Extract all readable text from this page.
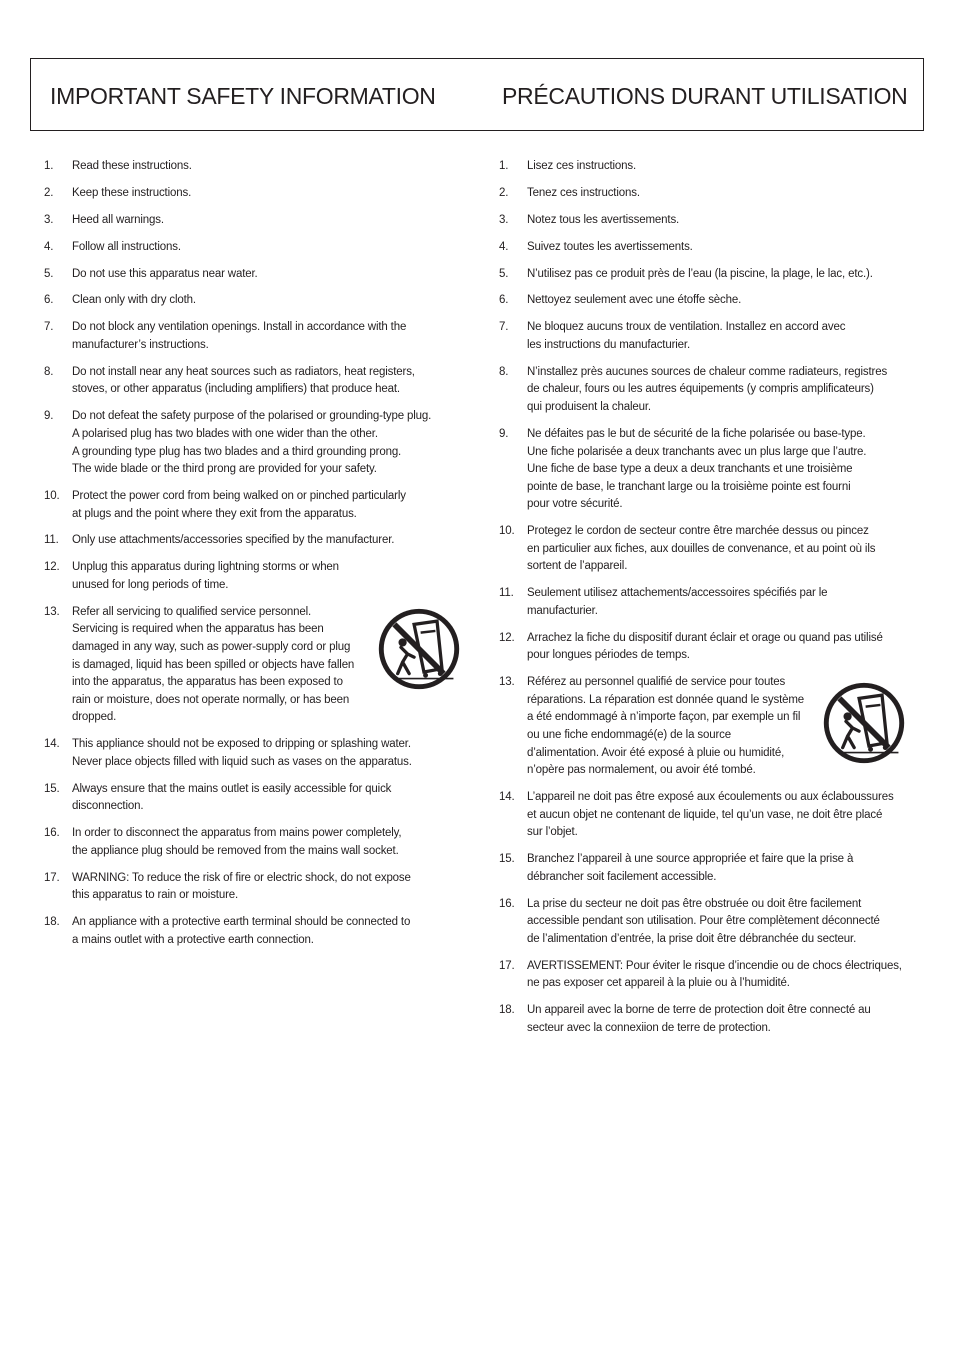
IMPORTANT SAFETY INFORMATION	PRÉCAUTIONS DURANT UTILISATION
1.	Read these instructions.
2.	Keep these instructions.
3.	Heed all warnings.
4.	Follow all instructions.
5.	Do not use this apparatus near water.
6.	Clean only with dry cloth.
7.	Do not block any ventilation openings. Install in accordance with the
manufacturer’s instructions.
8.	Do not install near any heat sources such as radiators, heat registers,
stoves, or other apparatus (including amplifiers) that produce heat.
9.	Do not defeat the safety purpose of the polarised or grounding-type plug.
A polarised plug has two blades with one wider than the other.
A grounding type plug has two blades and a third grounding prong.
The wide blade or the third prong are provided for your safety.
10.	Protect the power cord from being walked on or pinched particularly
at plugs and the point where they exit from the apparatus.
11.	Only use attachments/accessories specified by the manufacturer.
12.	Unplug this apparatus during lightning storms or when
unused for long periods of time.
13.	Refer all servicing to qualified service personnel.
Servicing is required when the apparatus has been
damaged in any way, such as power-supply cord or plug
is damaged, liquid has been spilled or objects have fallen
into the apparatus, the apparatus has been exposed to
rain or moisture, does not operate normally, or has been
dropped.
14.	This appliance should not be exposed to dripping or splashing water.
Never place objects filled with liquid such as vases on the apparatus.
15.	Always ensure that the mains outlet is easily accessible for quick
disconnection.
16.	In order to disconnect the apparatus from mains power completely,
the appliance plug should be removed from the mains wall socket.
17.	WARNING: To reduce the risk of fire or electric shock, do not expose
this apparatus to rain or moisture.
18.	An appliance with a protective earth terminal should be connected to
a mains outlet with a protective earth connection.
1.	Lisez ces instructions.
2.	Tenez ces instructions.
3.	Notez tous les avertissements.
4.	Suivez toutes les avertissements.
5.	N’utilisez pas ce produit près de l’eau (la piscine, la plage, le lac, etc.).
6.	Nettoyez seulement avec une étoffe sèche.
7.	Ne bloquez aucuns troux de ventilation. Installez en accord avec
les instructions du manufacturier.
8.	N’installez près aucunes sources de chaleur comme radiateurs, registres
de chaleur, fours ou les autres équipements (y compris amplificateurs)
qui produisent la chaleur.
9.	Ne défaites pas le but de sécurité de la fiche polarisée ou base-type.
Une fiche polarisée a deux tranchants avec un plus large que l’autre.
Une fiche de base type a deux a deux tranchants et une troisième
pointe de base, le tranchant large ou la troisième pointe est fourni
pour votre sécurité.
10.	Protegez le cordon de secteur contre être marchée dessus ou pincez
en particulier aux fiches, aux douilles de convenance, et au point où ils
sortent de l’appareil.
11.	Seulement utilisez attachements/accessoires spécifiés par le
manufacturier.
12.	Arrachez la fiche du dispositif durant éclair et orage ou quand pas utilisé
pour longues périodes de temps.
13.	Référez au personnel qualifié de service pour toutes
réparations. La réparation est donnée quand le système
a été endommagé à n’importe façon, par exemple un fil
ou une fiche endommagé(e) de la source
d’alimentation. Avoir été exposé à pluie ou humidité,
n’opère pas normalement, ou avoir été tombé.
14.	L’appareil ne doit pas être exposé aux écoulements ou aux éclaboussures
et aucun objet ne contenant de liquide, tel qu’un vase, ne doit être placé
sur l’objet.
15.	Branchez l’appareil à une source appropriée et faire que la prise à
débrancher soit facilement accessible.
16.	La prise du secteur ne doit pas être obstruée ou doit être facilement
accessible pendant son utilisation. Pour être complètement déconnecté
de l’alimentation d’entrée, la prise doit être débranchée du secteur.
17.	AVERTISSEMENT: Pour éviter le risque d’incendie ou de chocs électriques,
ne pas exposer cet appareil à la pluie ou à l’humidité.
18.	Un appareil avec la borne de terre de protection doit être connecté au
secteur avec la connexiion de terre de protection.
